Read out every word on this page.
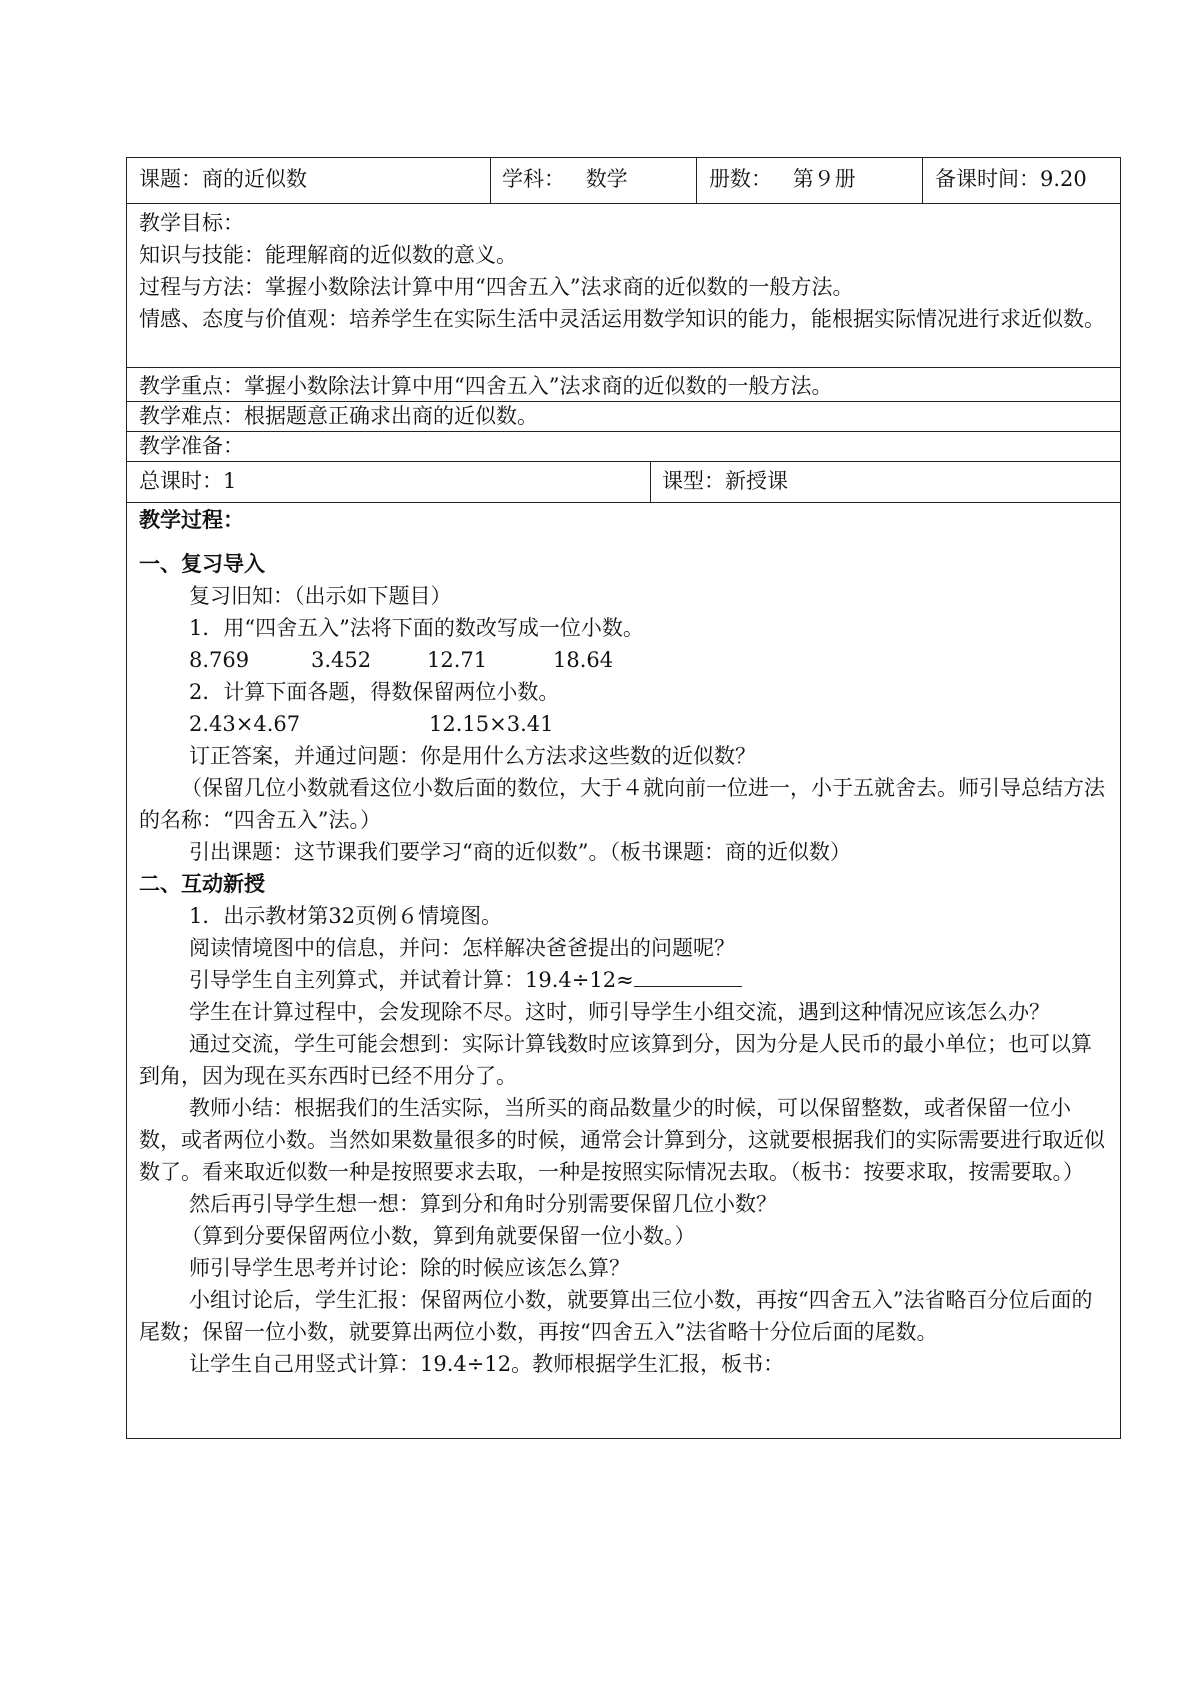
课题：商的近似数	学科： 数学	册数： 第９册	备课时间：9.20
教学目标：
知识与技能：能理解商的近似数的意义。
过程与方法：掌握小数除法计算中用“四舍五入”法求商的近似数的一般方法。
情感、态度与价值观：培养学生在实际生活中灵活运用数学知识的能力，能根据实际情况进行求近似数。
教学重点：掌握小数除法计算中用“四舍五入”法求商的近似数的一般方法。
教学难点：根据题意正确求出商的近似数。
教学准备：
总课时：1	课型：新授课
教学过程：
一、复习导入
复习旧知：（出示如下题目）
1．用“四舍五入”法将下面的数改写成一位小数。
8.769	3.452	12.71	18.64
2．计算下面各题，得数保留两位小数。
2.43×4.67	12.15×3.41
订正答案，并通过问题：你是用什么方法求这些数的近似数？
（保留几位小数就看这位小数后面的数位，大于４就向前一位进一，小于五就舍去。师引导总结方法的名称：“四舍五入”法。）
引出课题：这节课我们要学习“商的近似数”。（板书课题：商的近似数）
二、互动新授
1．出示教材第32页例６情境图。
阅读情境图中的信息，并问：怎样解决爸爸提出的问题呢？
引导学生自主列算式，并试着计算：19.4÷12≈
学生在计算过程中，会发现除不尽。这时，师引导学生小组交流，遇到这种情况应该怎么办？
通过交流，学生可能会想到：实际计算钱数时应该算到分，因为分是人民币的最小单位；也可以算到角，因为现在买东西时已经不用分了。
教师小结：根据我们的生活实际，当所买的商品数量少的时候，可以保留整数，或者保留一位小数，或者两位小数。当然如果数量很多的时候，通常会计算到分，这就要根据我们的实际需要进行取近似数了。看来取近似数一种是按照要求去取，一种是按照实际情况去取。（板书：按要求取，按需要取。）
然后再引导学生想一想：算到分和角时分别需要保留几位小数？
（算到分要保留两位小数，算到角就要保留一位小数。）
师引导学生思考并讨论：除的时候应该怎么算？
小组讨论后，学生汇报：保留两位小数，就要算出三位小数，再按“四舍五入”法省略百分位后面的尾数；保留一位小数，就要算出两位小数，再按“四舍五入”法省略十分位后面的尾数。
让学生自己用竖式计算：19.4÷12。教师根据学生汇报，板书：
